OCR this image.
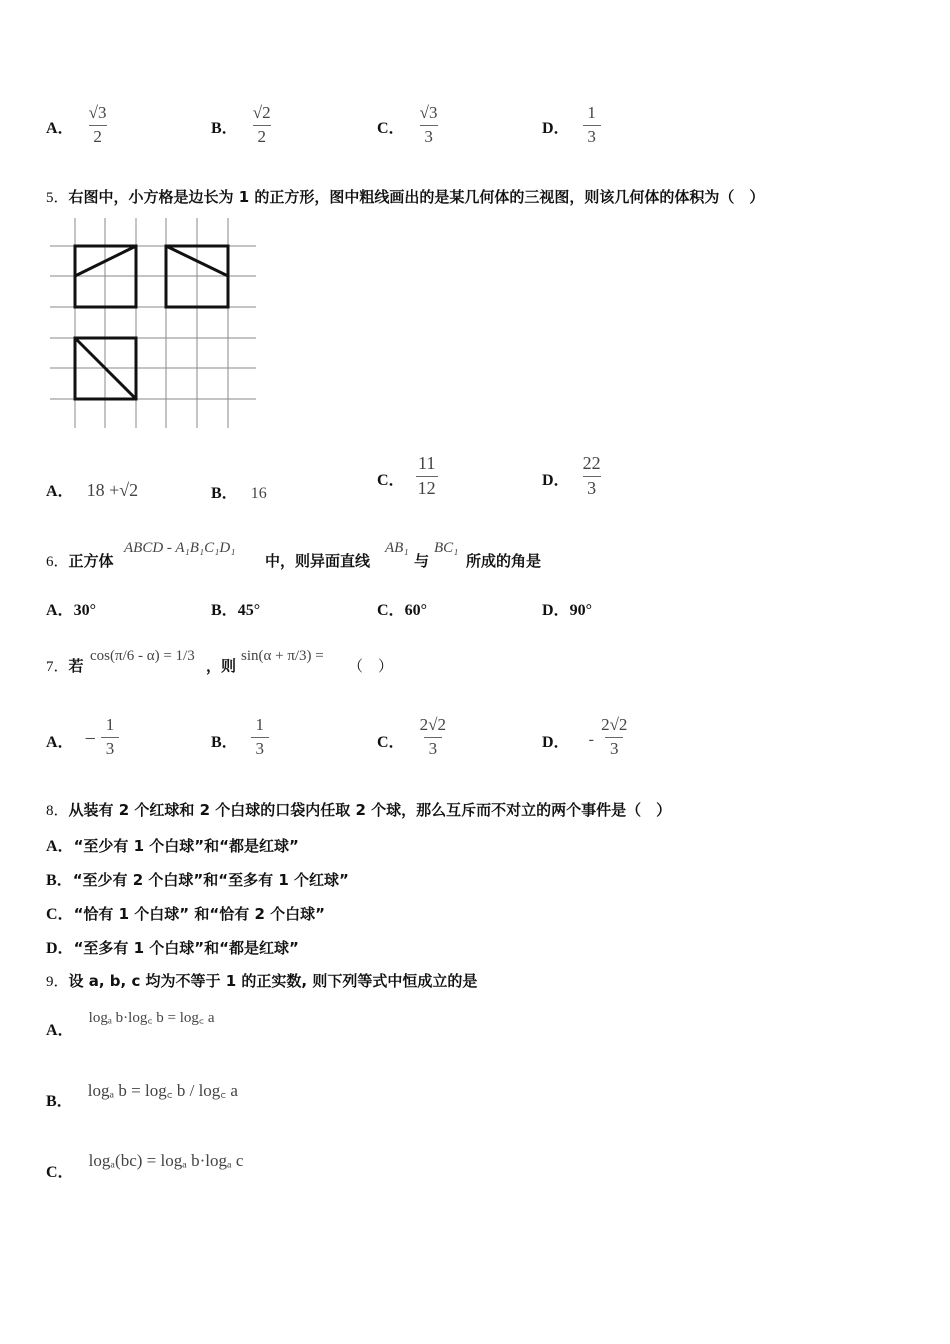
A． $\frac{√3}{2}$	B． $\frac{√2}{2}$	C． $\frac{√3}{3}$	D． $\frac{1}{3}$
5．右图中，小方格是边长为 1 的正方形，图中粗线画出的是某几何体的三视图，则该几何体的体积为（　）
A． 18 +√2	B． 16
C． $\frac{11}{12}$	D． $\frac{22}{3}$
6．正方体
ABCD - A₁B₁C₁D₁
中，则异面直线
AB₁
与
BC₁
所成的角是
A．30°	B．45°	C．60°	D．90°
7．若
cos(π/6 - α) = 1/3
，则
sin(α + π/3) =
（　）
A． − $\frac{1}{3}$	B． $\frac{1}{3}$	C． $\frac{2√2}{3}$	D． - $\frac{2√2}{3}$
8．从装有 2 个红球和 2 个白球的口袋内任取 2 个球，那么互斥而不对立的两个事件是（　）
A．“至少有 1 个白球”和“都是红球”
B．“至少有 2 个白球”和“至多有 1 个红球”
C．“恰有 1 个白球” 和“恰有 2 个白球”
D．“至多有 1 个白球”和“都是红球”
9．设 a, b, c 均为不等于 1 的正实数, 则下列等式中恒成立的是
A． logₐ b·log꜀ b = log꜀ a
B． logₐ b = log꜀ b / log꜀ a
C． logₐ(bc) = logₐ b·logₐ c
